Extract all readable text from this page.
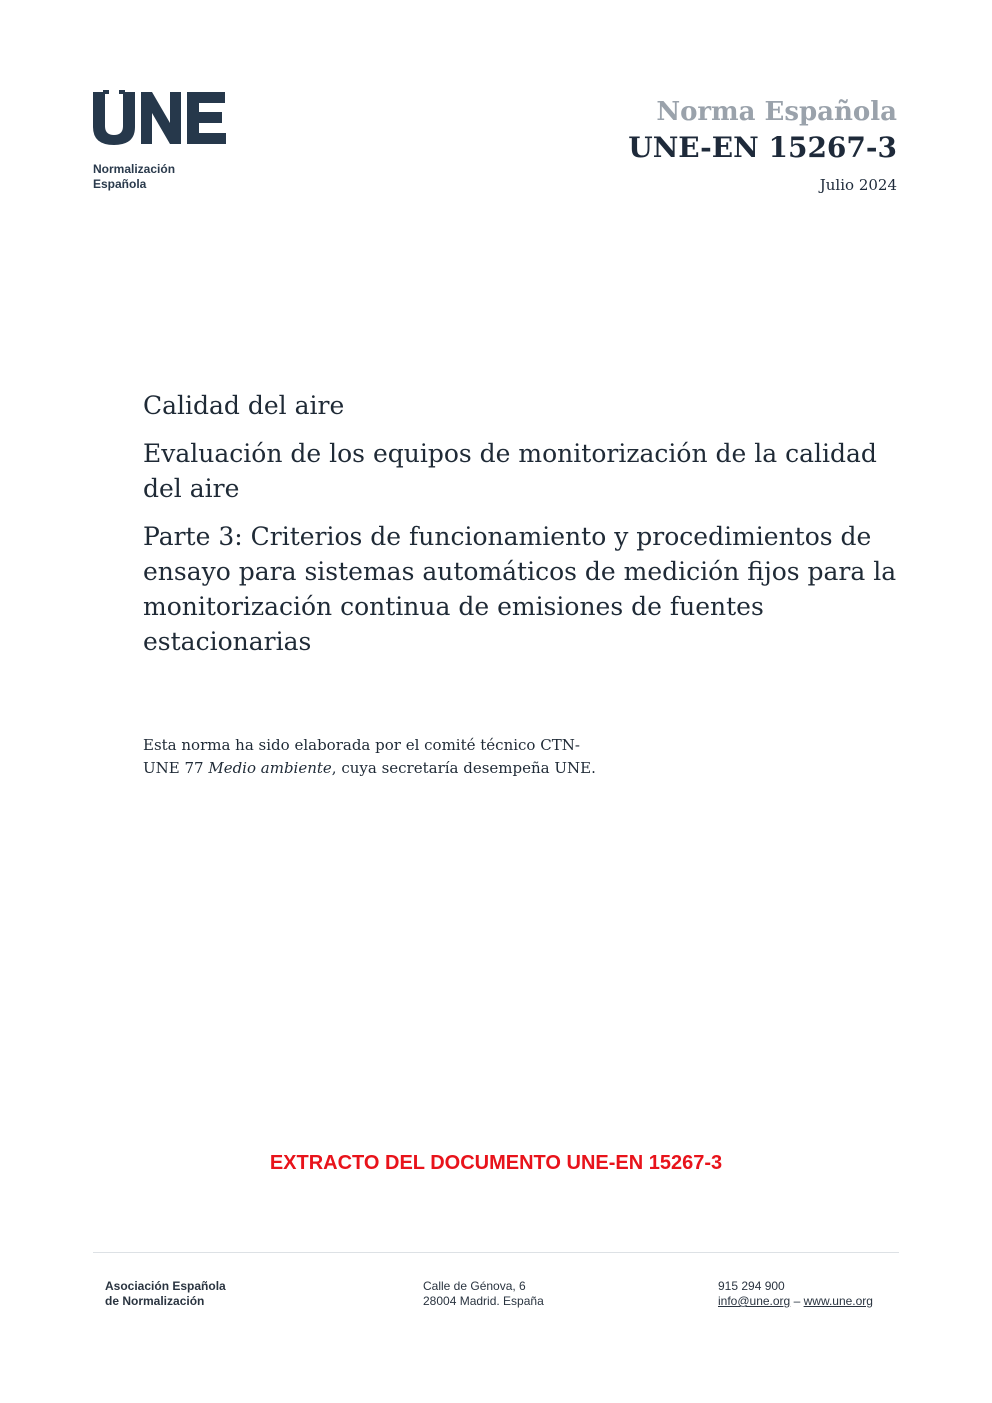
Normalización
Española
Norma Española
UNE-EN 15267-3
Julio 2024

Calidad del aire

Evaluación de los equipos de monitorización de la calidad del aire

Parte 3: Criterios de funcionamiento y procedimientos de ensayo para sistemas automáticos de medición fijos para la monitorización continua de emisiones de fuentes estacionarias

Esta norma ha sido elaborada por el comité técnico CTN-UNE 77 Medio ambiente, cuya secretaría desempeña UNE.
EXTRACTO DEL DOCUMENTO UNE-EN 15267-3
Asociación Española
de Normalización
Calle de Génova, 6
28004 Madrid. España
915 294 900
info@une.org – www.une.org
